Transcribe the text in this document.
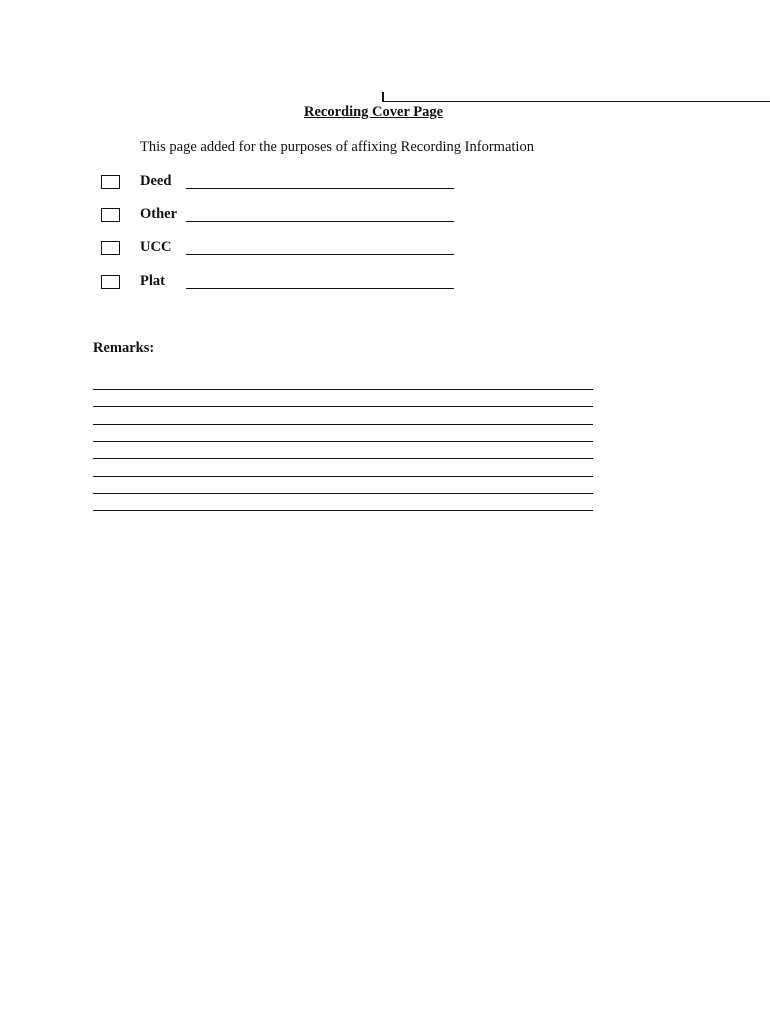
Recording Cover Page
This page added for the purposes of affixing Recording Information
Deed
Other
UCC
Plat
Remarks:
